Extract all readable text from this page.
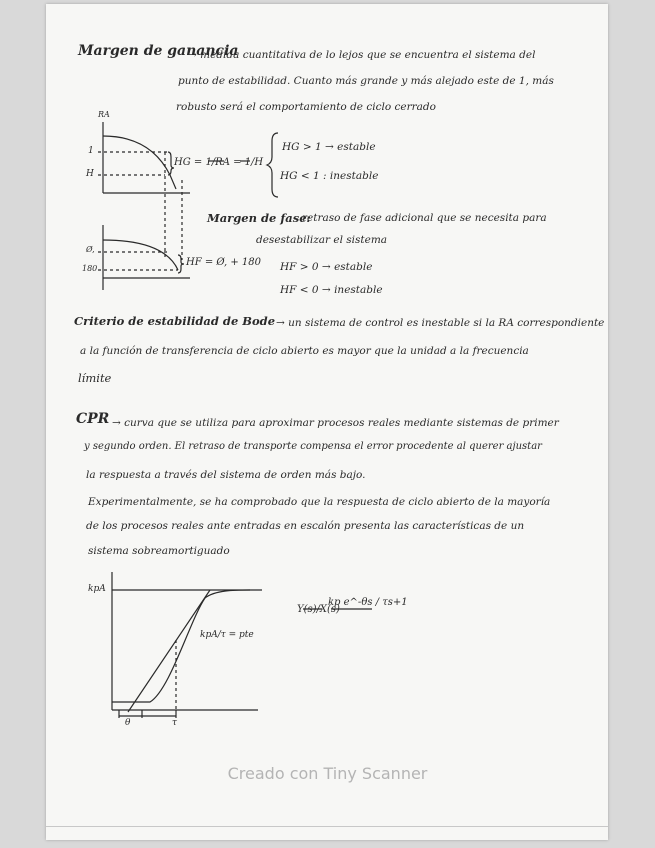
Margen de ganancia
→ medida cuantitativa de lo lejos que se encuentra el sistema del
punto de estabilidad. Cuanto más grande y más alejado este de 1, más
robusto será el comportamiento de ciclo cerrado
RA
1
H
HG = 1/RA = 1/H
HG > 1 → estable
HG < 1 : inestable
Margen de fase:
retraso de fase adicional que se necesita para
desestabilizar el sistema
Ø,
180
HF = Ø, + 180 HF > 0 → estable
HF < 0 → inestable
Criterio de estabilidad de Bode → un sistema de control es inestable si la RA correspondiente
a la función de transferencia de ciclo abierto es mayor que la unidad a la frecuencia
límite
CPR → curva que se utiliza para aproximar procesos reales mediante sistemas de primer
y segundo orden. El retraso de transporte compensa el error procedente al querer ajustar
la respuesta a través del sistema de orden más bajo.
Experimentalmente, se ha comprobado que la respuesta de ciclo abierto de la mayoría
de los procesos reales ante entradas en escalón presenta las características de un
sistema sobreamortiguado
kpA
kpA/τ = pte
θ	τ
Y(s)/X(s)
kp e^-θs / τs+1
Creado con Tiny Scanner
